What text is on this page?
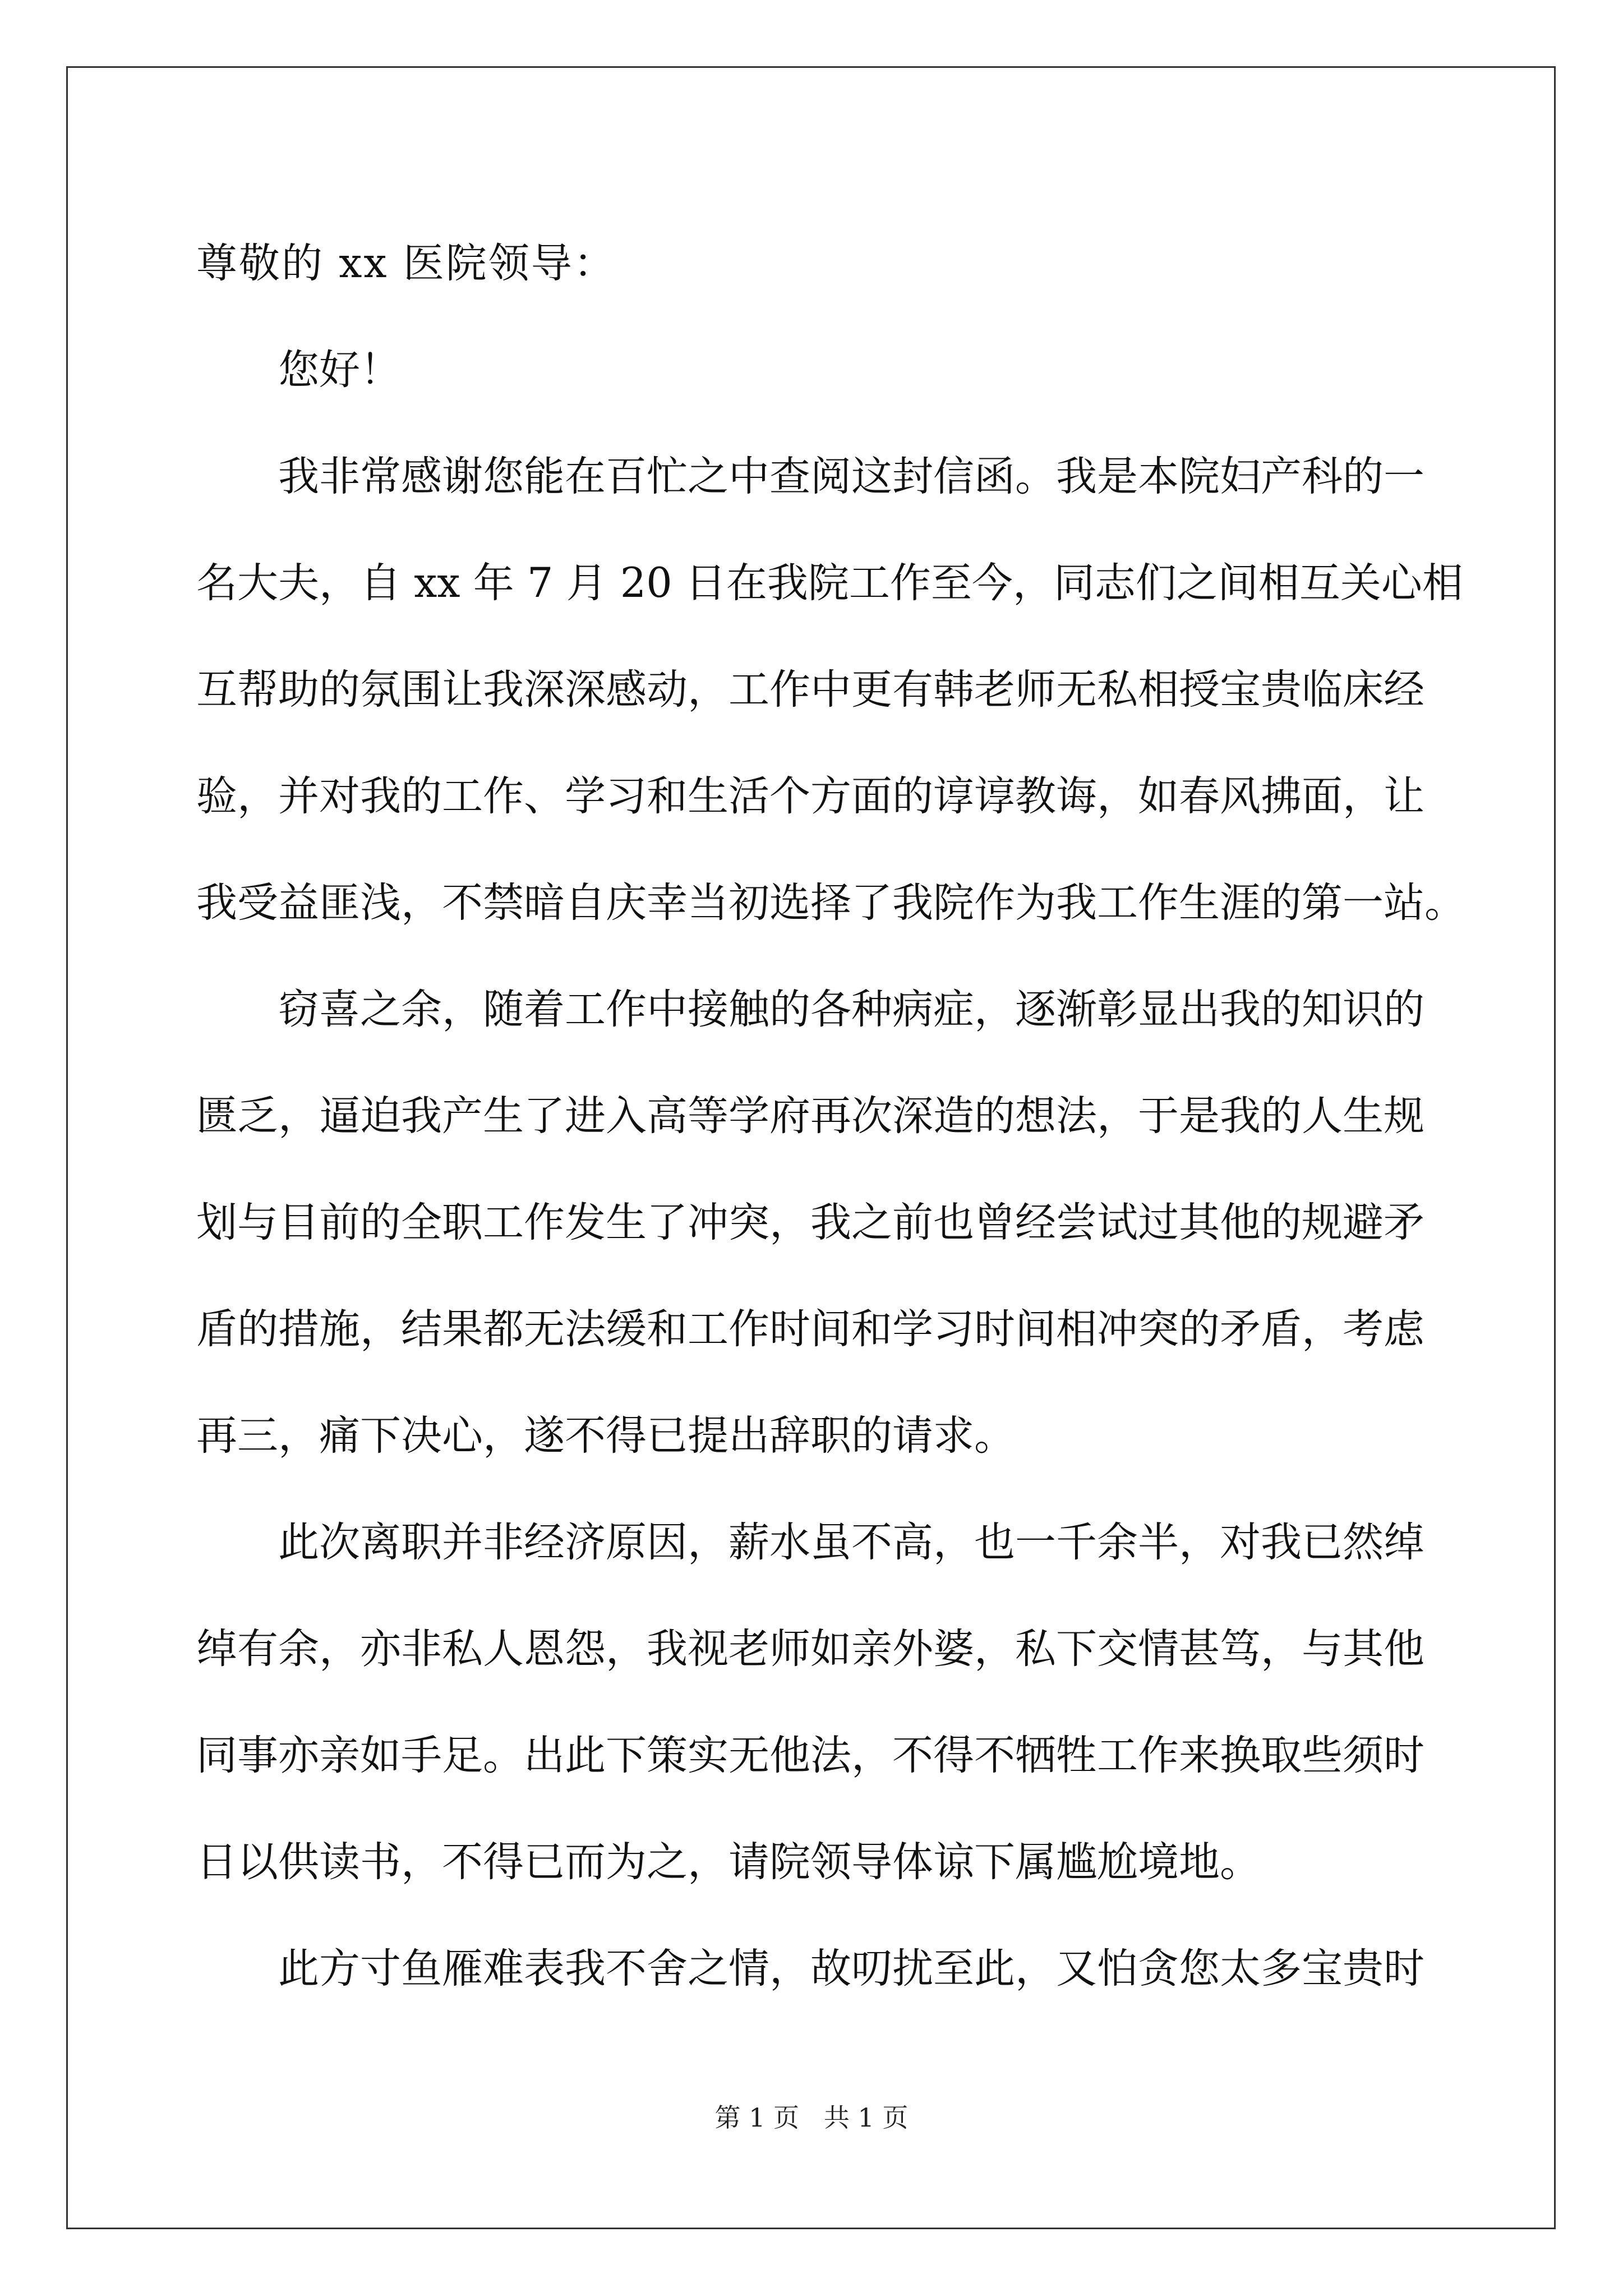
尊敬的 xx 医院领导：
您好！
我非常感谢您能在百忙之中查阅这封信函。我是本院妇产科的一
名大夫，自 xx 年 7 月 20 日在我院工作至今，同志们之间相互关心相
互帮助的氛围让我深深感动，工作中更有韩老师无私相授宝贵临床经
验，并对我的工作、学习和生活个方面的谆谆教诲，如春风拂面，让
我受益匪浅，不禁暗自庆幸当初选择了我院作为我工作生涯的第一站。
窃喜之余，随着工作中接触的各种病症，逐渐彰显出我的知识的
匮乏，逼迫我产生了进入高等学府再次深造的想法，于是我的人生规
划与目前的全职工作发生了冲突，我之前也曾经尝试过其他的规避矛
盾的措施，结果都无法缓和工作时间和学习时间相冲突的矛盾，考虑
再三，痛下决心，遂不得已提出辞职的请求。
此次离职并非经济原因，薪水虽不高，也一千余半，对我已然绰
绰有余，亦非私人恩怨，我视老师如亲外婆，私下交情甚笃，与其他
同事亦亲如手足。出此下策实无他法，不得不牺牲工作来换取些须时
日以供读书，不得已而为之，请院领导体谅下属尴尬境地。
此方寸鱼雁难表我不舍之情，故叨扰至此，又怕贪您太多宝贵时
第 1 页   共 1 页
